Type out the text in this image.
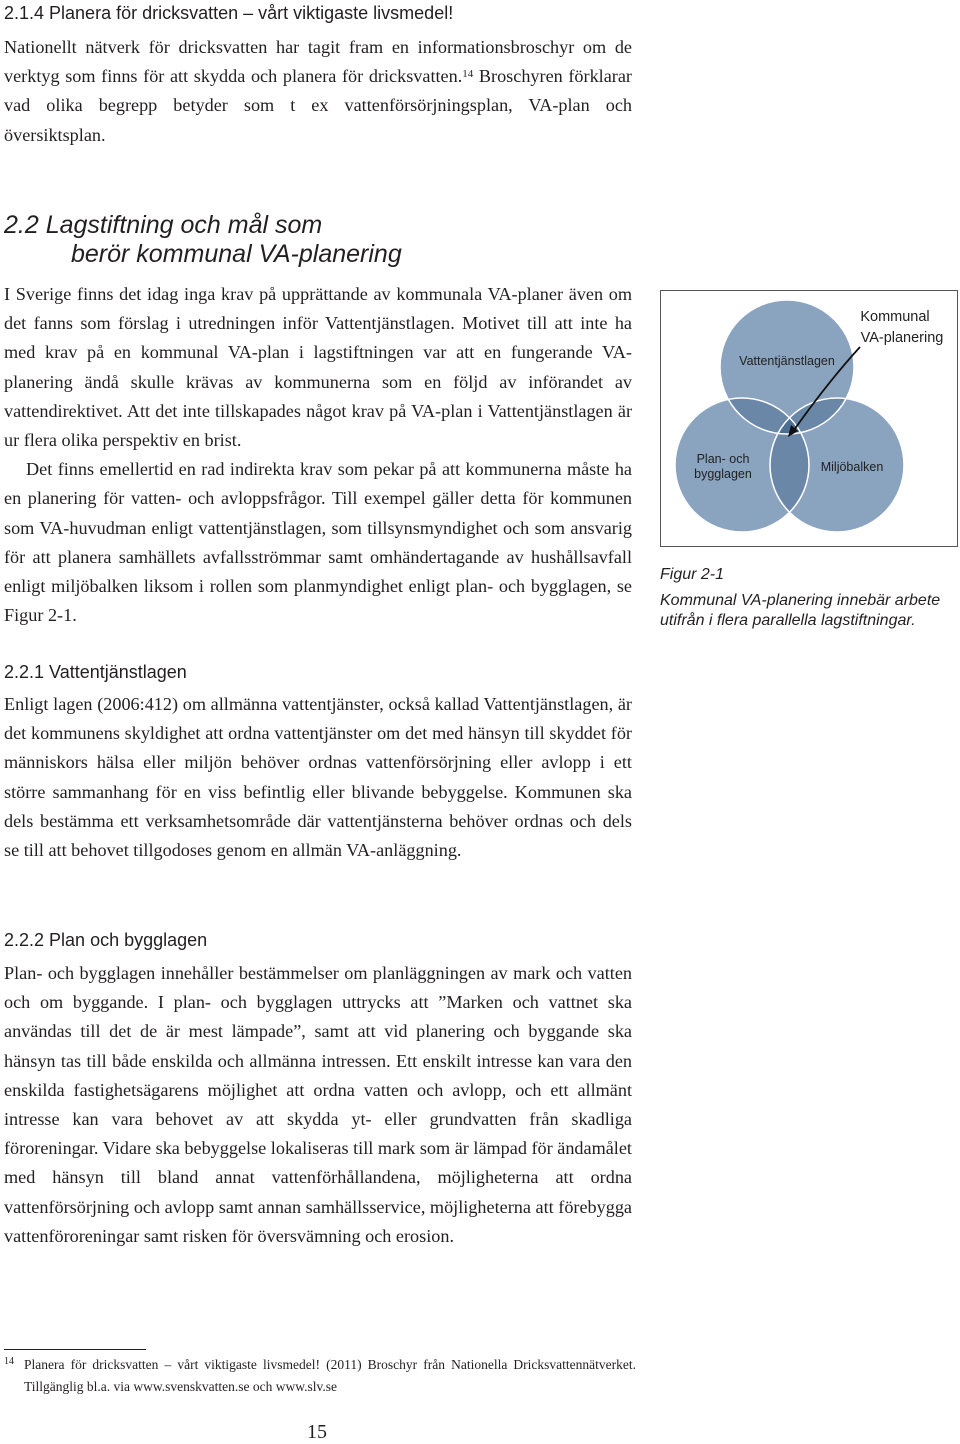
2.1.4 Planera för dricksvatten – vårt viktigaste livsmedel!

Nationellt nätverk för dricksvatten har tagit fram en informationsbroschyr om de verktyg som finns för att skydda och planera för dricksvatten.$^{14}$ Broschyren förklarar vad olika begrepp betyder som t ex vattenförsörjningsplan, VA-plan och översiktsplan.

2.2 Lagstiftning och mål som
berör kommunal VA-planering

I Sverige finns det idag inga krav på upprättande av kommunala VA-planer även om det fanns som förslag i utredningen inför Vattentjänstlagen. Motivet till att inte ha med krav på en kommunal VA-plan i lagstiftningen var att en fungerande VA-planering ändå skulle krävas av kommunerna som en följd av införandet av vattendirektivet. Att det inte tillskapades något krav på VA-plan i Vattentjänstlagen är ur flera olika perspektiv en brist.

Det finns emellertid en rad indirekta krav som pekar på att kommunerna måste ha en planering för vatten- och avloppsfrågor. Till exempel gäller detta för kommunen som VA-huvudman enligt vattentjänstlagen, som tillsynsmyndighet och som ansvarig för att planera samhällets avfallsströmmar samt omhändertagande av hushållsavfall enligt miljöbalken liksom i rollen som planmyndighet enligt plan- och bygglagen, se Figur 2-1.

2.2.1 Vattentjänstlagen

Enligt lagen (2006:412) om allmänna vattentjänster, också kallad Vattentjänstlagen, är det kommunens skyldighet att ordna vattentjänster om det med hänsyn till skyddet för människors hälsa eller miljön behöver ordnas vattenförsörjning eller avlopp i ett större sammanhang för en viss befintlig eller blivande bebyggelse. Kommunen ska dels bestämma ett verksamhetsområde där vattentjänsterna behöver ordnas och dels se till att behovet tillgodoses genom en allmän VA-anläggning.

2.2.2 Plan och bygglagen

Plan- och bygglagen innehåller bestämmelser om planläggningen av mark och vatten och om byggande. I plan- och bygglagen uttrycks att ”Marken och vattnet ska användas till det de är mest lämpade”, samt att vid planering och byggande ska hänsyn tas till både enskilda och allmänna intressen. Ett enskilt intresse kan vara den enskilda fastighetsägarens möjlighet att ordna vatten och avlopp, och ett allmänt intresse kan vara behovet av att skydda yt- eller grundvatten från skadliga föroreningar. Vidare ska bebyggelse lokaliseras till mark som är lämpad för ändamålet med hänsyn till bland annat vattenförhållandena, möjligheterna att ordna vattenförsörjning och avlopp samt annan samhällsservice, möjligheterna att förebygga vattenföroreningar samt risken för översvämning och erosion.

Vattentjänstlagen
Plan- och
bygglagen	Miljöbalken
Kommunal
VA-planering
Figur 2-1
Kommunal VA-planering innebär arbete utifrån i flera parallella lagstiftningar.
14 Planera för dricksvatten – vårt viktigaste livsmedel! (2011) Broschyr från Nationella Dricksvattennätverket. Tillgänglig bl.a. via www.svenskvatten.se och www.slv.se
15
